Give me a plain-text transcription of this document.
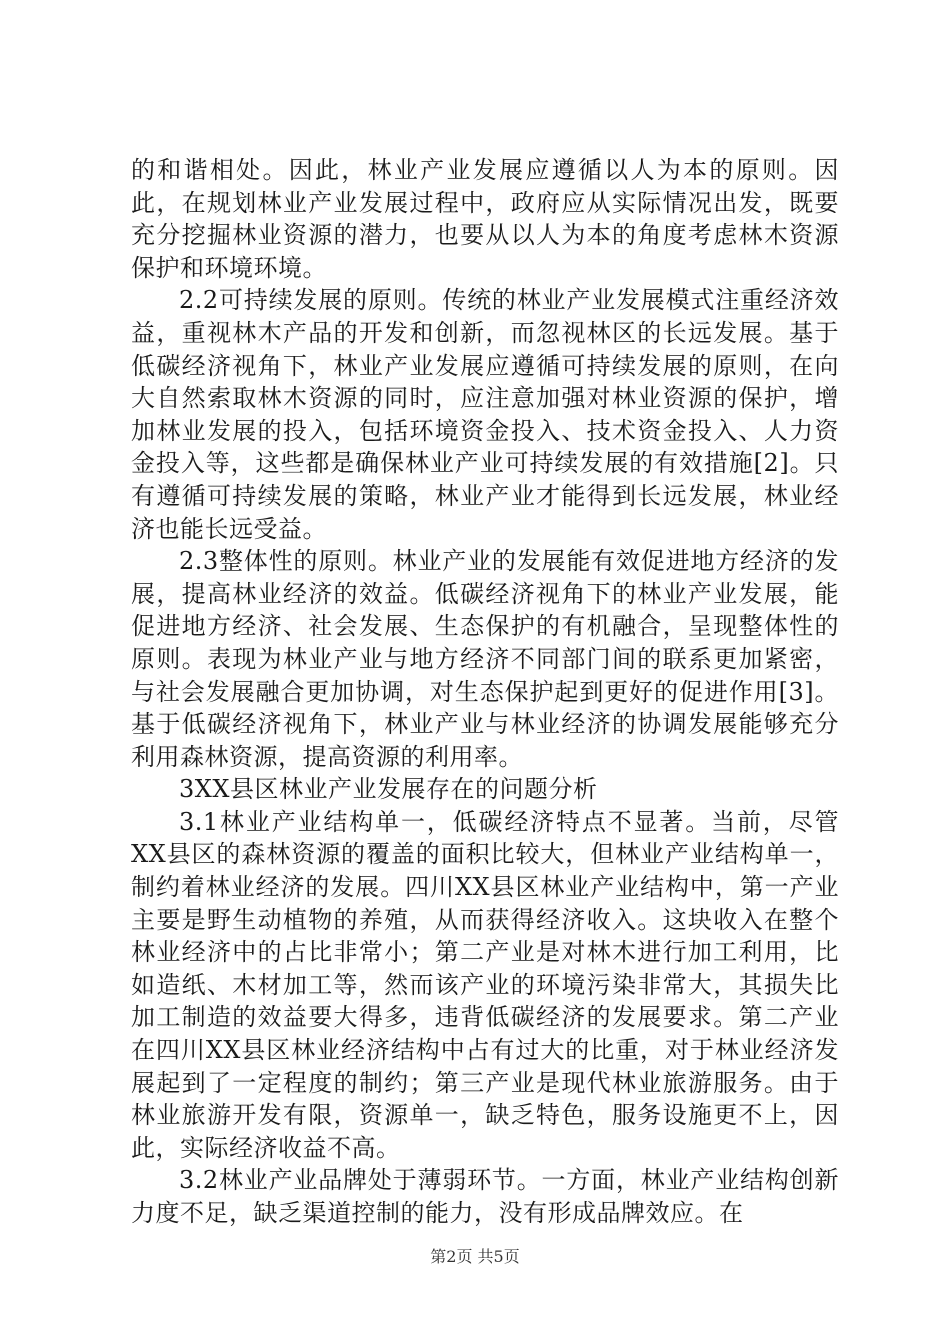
的和谐相处。因此，林业产业发展应遵循以人为本的原则。因此，在规划林业产业发展过程中，政府应从实际情况出发，既要充分挖掘林业资源的潜力，也要从以人为本的角度考虑林木资源保护和环境环境。

2.2可持续发展的原则。传统的林业产业发展模式注重经济效益，重视林木产品的开发和创新，而忽视林区的长远发展。基于低碳经济视角下，林业产业发展应遵循可持续发展的原则，在向大自然索取林木资源的同时，应注意加强对林业资源的保护，增加林业发展的投入，包括环境资金投入、技术资金投入、人力资金投入等，这些都是确保林业产业可持续发展的有效措施[2]。只有遵循可持续发展的策略，林业产业才能得到长远发展，林业经济也能长远受益。

2.3整体性的原则。林业产业的发展能有效促进地方经济的发展，提高林业经济的效益。低碳经济视角下的林业产业发展，能促进地方经济、社会发展、生态保护的有机融合，呈现整体性的原则。表现为林业产业与地方经济不同部门间的联系更加紧密，与社会发展融合更加协调，对生态保护起到更好的促进作用[3]。基于低碳经济视角下，林业产业与林业经济的协调发展能够充分利用森林资源，提高资源的利用率。

3XX县区林业产业发展存在的问题分析

3.1林业产业结构单一，低碳经济特点不显著。当前，尽管XX县区的森林资源的覆盖的面积比较大，但林业产业结构单一，制约着林业经济的发展。四川XX县区林业产业结构中，第一产业主要是野生动植物的养殖，从而获得经济收入。这块收入在整个林业经济中的占比非常小；第二产业是对林木进行加工利用，比如造纸、木材加工等，然而该产业的环境污染非常大，其损失比加工制造的效益要大得多，违背低碳经济的发展要求。第二产业在四川XX县区林业经济结构中占有过大的比重，对于林业经济发展起到了一定程度的制约；第三产业是现代林业旅游服务。由于林业旅游开发有限，资源单一，缺乏特色，服务设施更不上，因此，实际经济收益不高。

3.2林业产业品牌处于薄弱环节。一方面，林业产业结构创新力度不足，缺乏渠道控制的能力，没有形成品牌效应。在

第2页 共5页
